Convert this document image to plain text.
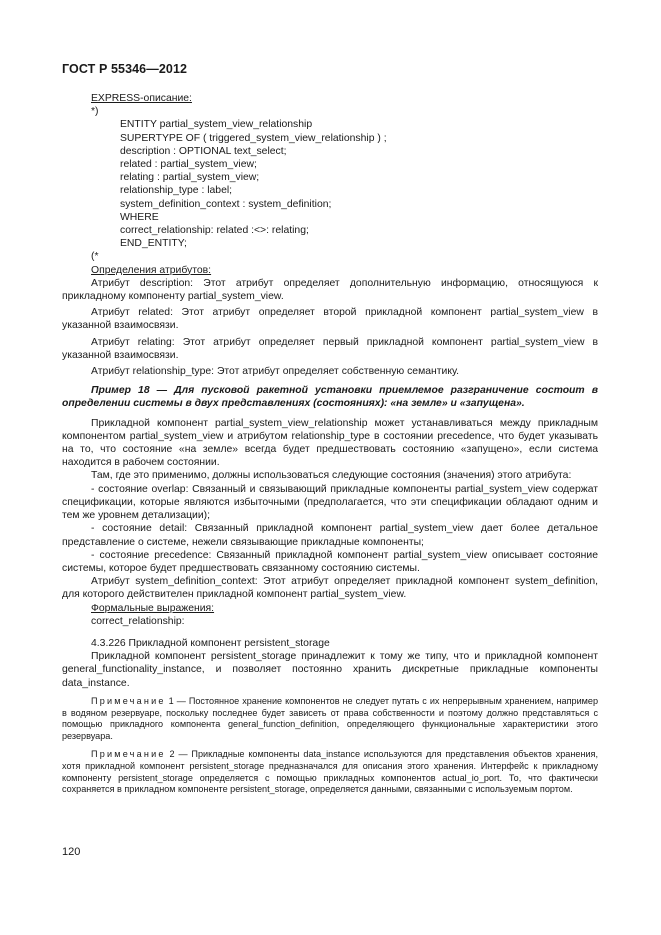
ГОСТ Р 55346—2012
EXPRESS-описание:
*)
ENTITY partial_system_view_relationship
SUPERTYPE OF ( triggered_system_view_relationship ) ;
description : OPTIONAL text_select;
related : partial_system_view;
relating : partial_system_view;
relationship_type : label;
system_definition_context : system_definition;
WHERE
correct_relationship: related :<>: relating;
END_ENTITY;
(*
Определения атрибутов:

Атрибут description: Этот атрибут определяет дополнительную информацию, относящуюся к прикладному компоненту partial_system_view.

Атрибут related: Этот атрибут определяет второй прикладной компонент partial_system_view в указанной взаимосвязи.

Атрибут relating: Этот атрибут определяет первый прикладной компонент partial_system_view в указанной взаимосвязи.

Атрибут relationship_type: Этот атрибут определяет собственную семантику.

Пример 18 — Для пусковой ракетной установки приемлемое разграничение состоит в определении системы в двух представлениях (состояниях): «на земле» и «запущена».

Прикладной компонент partial_system_view_relationship может устанавливаться между прикладным компонентом partial_system_view и атрибутом relationship_type в состоянии precedence, что будет указывать на то, что состояние «на земле» всегда будет предшествовать состоянию «запущено», если система находится в рабочем состоянии.

Там, где это применимо, должны использоваться следующие состояния (значения) этого атрибута:

- состояние overlap: Связанный и связывающий прикладные компоненты partial_system_view содержат спецификации, которые являются избыточными (предполагается, что эти спецификации обладают одним и тем же уровнем детализации);

- состояние detail: Связанный прикладной компонент partial_system_view дает более детальное представление о системе, нежели связывающие прикладные компоненты;

- состояние precedence: Связанный прикладной компонент partial_system_view описывает состояние системы, которое будет предшествовать связанному состоянию системы.

Атрибут system_definition_context: Этот атрибут определяет прикладной компонент system_definition, для которого действителен прикладной компонент partial_system_view.

Формальные выражения:
correct_relationship:
4.3.226 Прикладной компонент persistent_storage

Прикладной компонент persistent_storage принадлежит к тому же типу, что и прикладной компонент general_functionality_instance, и позволяет постоянно хранить дискретные прикладные компоненты data_instance.

Примечание 1 — Постоянное хранение компонентов не следует путать с их непрерывным хранением, например в водяном резервуаре, поскольку последнее будет зависеть от права собственности и поэтому должно представляться с помощью прикладного компонента general_function_definition, определяющего функциональные характеристики этого резервуара.

Примечание 2 — Прикладные компоненты data_instance используются для представления объектов хранения, хотя прикладной компонент persistent_storage предназначался для описания этого хранения. Интерфейс к прикладному компоненту persistent_storage определяется с помощью прикладных компонентов actual_io_port. То, что фактически сохраняется в прикладном компоненте persistent_storage, определяется данными, связанными с используемым портом.

120
